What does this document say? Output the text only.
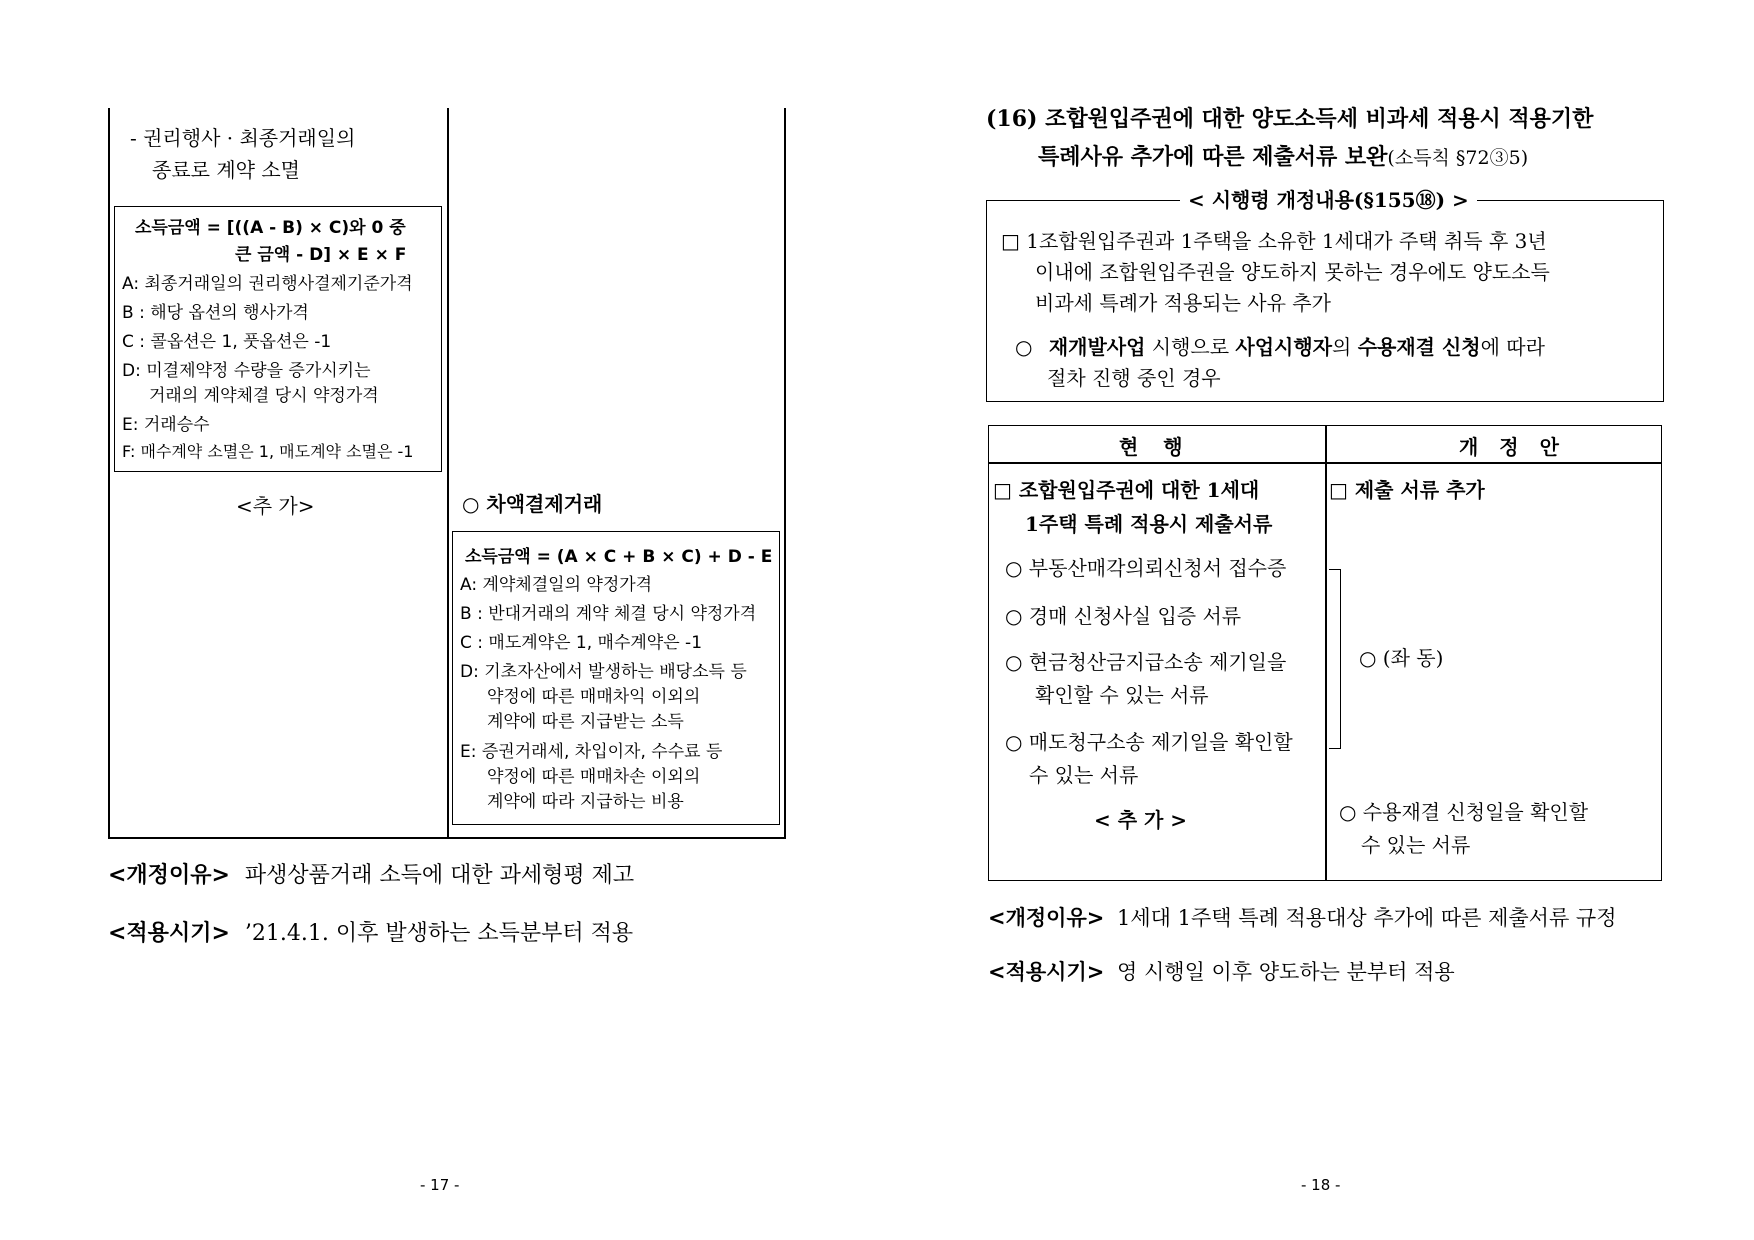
- 권리행사 · 최종거래일의
종료로 계약 소멸
소득금액 = [((A - B) × C)와 0 중
큰 금액 - D] × E × F
A: 최종거래일의 권리행사결제기준가격
B : 해당 옵션의 행사가격
C : 콜옵션은 1, 풋옵션은 -1
D: 미결제약정 수량을 증가시키는
거래의 계약체결 당시 약정가격
E: 거래승수
F: 매수계약 소멸은 1, 매도계약 소멸은 -1
<추 가>	○ 차액결제거래
소득금액 = (A × C + B × C) + D - E
A: 계약체결일의 약정가격
B : 반대거래의 계약 체결 당시 약정가격
C : 매도계약은 1, 매수계약은 -1
D: 기초자산에서 발생하는 배당소득 등
약정에 따른 매매차익 이외의
계약에 따른 지급받는 소득
E: 증권거래세, 차입이자, 수수료 등
약정에 따른 매매차손 이외의
계약에 따라 지급하는 비용
<개정이유> 파생상품거래 소득에 대한 과세형평 제고
<적용시기> ’21.4.1. 이후 발생하는 소득분부터 적용
- 17 -
(16) 조합원입주권에 대한 양도소득세 비과세 적용시 적용기한
특례사유 추가에 따른 제출서류 보완(소득칙 §72③5)
< 시행령 개정내용(§155⑱) >
□ 1조합원입주권과 1주택을 소유한 1세대가 주택 취득 후 3년
이내에 조합원입주권을 양도하지 못하는 경우에도 양도소득
비과세 특례가 적용되는 사유 추가
○ 재개발사업 시행으로 사업시행자의 수용재결 신청에 따라
절차 진행 중인 경우
현 행	개 정 안
□ 조합원입주권에 대한 1세대
1주택 특례 적용시 제출서류
○ 부동산매각의뢰신청서 접수증
○ 경매 신청사실 입증 서류
○ 현금청산금지급소송 제기일을
확인할 수 있는 서류
○ 매도청구소송 제기일을 확인할
수 있는 서류
< 추 가 >
□ 제출 서류 추가
○ (좌 동)
○ 수용재결 신청일을 확인할
수 있는 서류
<개정이유> 1세대 1주택 특례 적용대상 추가에 따른 제출서류 규정
<적용시기> 영 시행일 이후 양도하는 분부터 적용
- 18 -
